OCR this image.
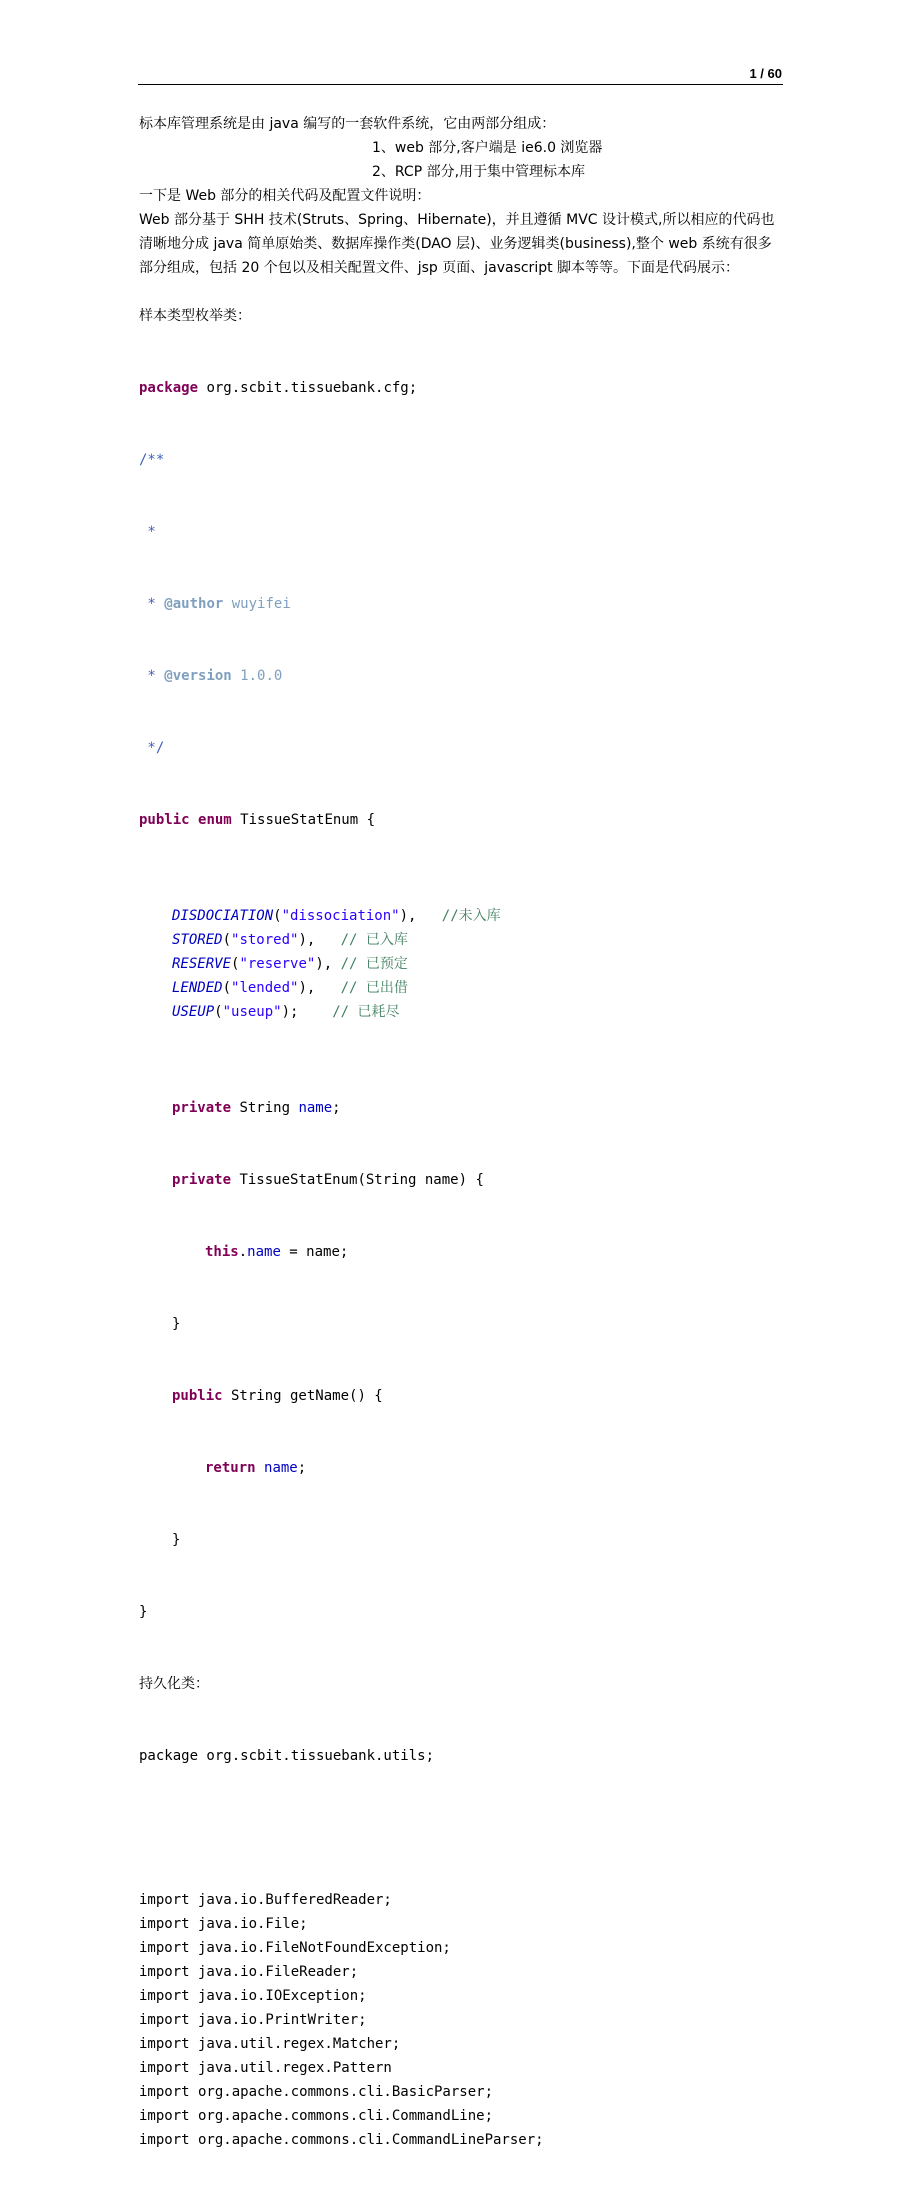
1 / 60
标本库管理系统是由 java 编写的一套软件系统，它由两部分组成：
1、web 部分,客户端是 ie6.0 浏览器
2、RCP 部分,用于集中管理标本库
一下是 Web 部分的相关代码及配置文件说明：
Web 部分基于 SHH 技术(Struts、Spring、Hibernate)，并且遵循 MVC 设计模式,所以相应的代码也清晰地分成 java 简单原始类、数据库操作类(DAO 层)、业务逻辑类(business),整个 web 系统有很多部分组成，包括 20 个包以及相关配置文件、jsp 页面、javascript 脚本等等。下面是代码展示：
样本类型枚举类：

package org.scbit.tissuebank.cfg;

/**

*

* @author wuyifei

* @version 1.0.0

*/

public enum TissueStatEnum {

DISDOCIATION("dissociation"), //未入库
STORED("stored"), // 已入库
RESERVE("reserve"), // 已预定
LENDED("lended"), // 已出借
USEUP("useup"); // 已耗尽

private String name;

private TissueStatEnum(String name) {

this.name = name;

}

public String getName() {

return name;

}

}

持久化类：

package org.scbit.tissuebank.utils;

import java.io.BufferedReader;
import java.io.File;
import java.io.FileNotFoundException;
import java.io.FileReader;
import java.io.IOException;
import java.io.PrintWriter;
import java.util.regex.Matcher;
import java.util.regex.Pattern
import org.apache.commons.cli.BasicParser;
import org.apache.commons.cli.CommandLine;
import org.apache.commons.cli.CommandLineParser;
